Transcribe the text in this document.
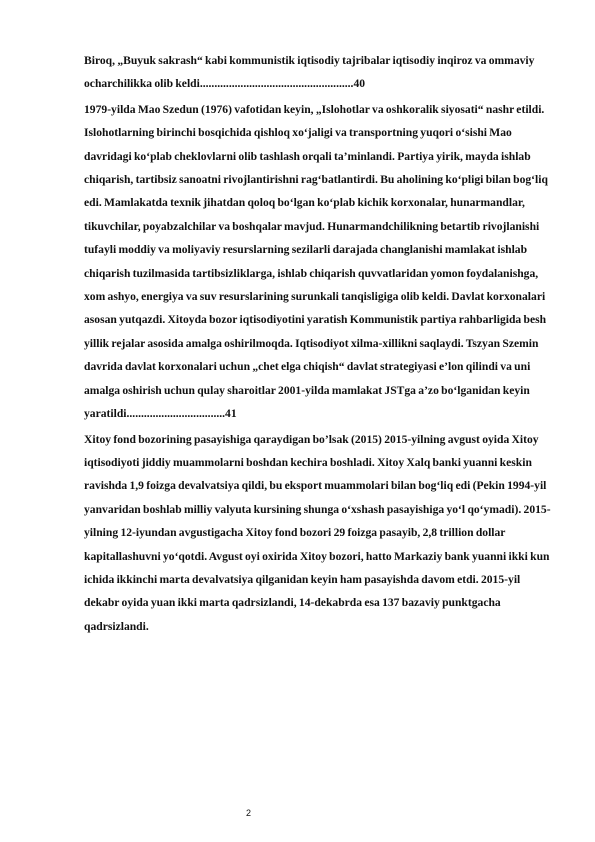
Biroq, „Buyuk sakrash“ kabi kommunistik iqtisodiy tajribalar iqtisodiy inqiroz va ommaviy ocharchilikka olib keldi.....................................................40

1979-yilda Mao Szedun (1976) vafotidan keyin, „Islohotlar va oshkoralik siyosati“ nashr etildi. Islohotlarning birinchi bosqichida qishloq xo‘jaligi va transportning yuqori o‘sishi Mao davridagi ko‘plab cheklovlarni olib tashlash orqali ta’minlandi. Partiya yirik, mayda ishlab chiqarish, tartibsiz sanoatni rivojlantirishni rag‘batlantirdi. Bu aholining ko‘pligi bilan bog‘liq edi. Mamlakatda texnik jihatdan qoloq bo‘lgan ko‘plab kichik korxonalar, hunarmandlar, tikuvchilar, poyabzalchilar va boshqalar mavjud. Hunarmandchilikning betartib rivojlanishi tufayli moddiy va moliyaviy resurslarning sezilarli darajada changlanishi mamlakat ishlab chiqarish tuzilmasida tartibsizliklarga, ishlab chiqarish quvvatlaridan yomon foydalanishga, xom ashyo, energiya va suv resurslarining surunkali tanqisligiga olib keldi. Davlat korxonalari asosan yutqazdi. Xitoyda bozor iqtisodiyotini yaratish Kommunistik partiya rahbarligida besh yillik rejalar asosida amalga oshirilmoqda. Iqtisodiyot xilma-xillikni saqlaydi. Tszyan Szemin davrida davlat korxonalari uchun „chet elga chiqish“ davlat strategiyasi e’lon qilindi va uni amalga oshirish uchun qulay sharoitlar 2001-yilda mamlakat JSTga a’zo bo‘lganidan keyin yaratildi..................................41

Xitoy fond bozorining pasayishiga qaraydigan bo’lsak (2015) 2015-yilning avgust oyida Xitoy iqtisodiyoti jiddiy muammolarni boshdan kechira boshladi. Xitoy Xalq banki yuanni keskin ravishda 1,9 foizga devalvatsiya qildi, bu eksport muammolari bilan bog‘liq edi (Pekin 1994-yil yanvaridan boshlab milliy valyuta kursining shunga o‘xshash pasayishiga yo‘l qo‘ymadi). 2015-yilning 12-iyundan avgustigacha Xitoy fond bozori 29 foizga pasayib, 2,8 trillion dollar kapitallashuvni yo‘qotdi. Avgust oyi oxirida Xitoy bozori, hatto Markaziy bank yuanni ikki kun ichida ikkinchi marta devalvatsiya qilganidan keyin ham pasayishda davom etdi. 2015-yil dekabr oyida yuan ikki marta qadrsizlandi, 14-dekabrda esa 137 bazaviy punktgacha qadrsizlandi.

2
